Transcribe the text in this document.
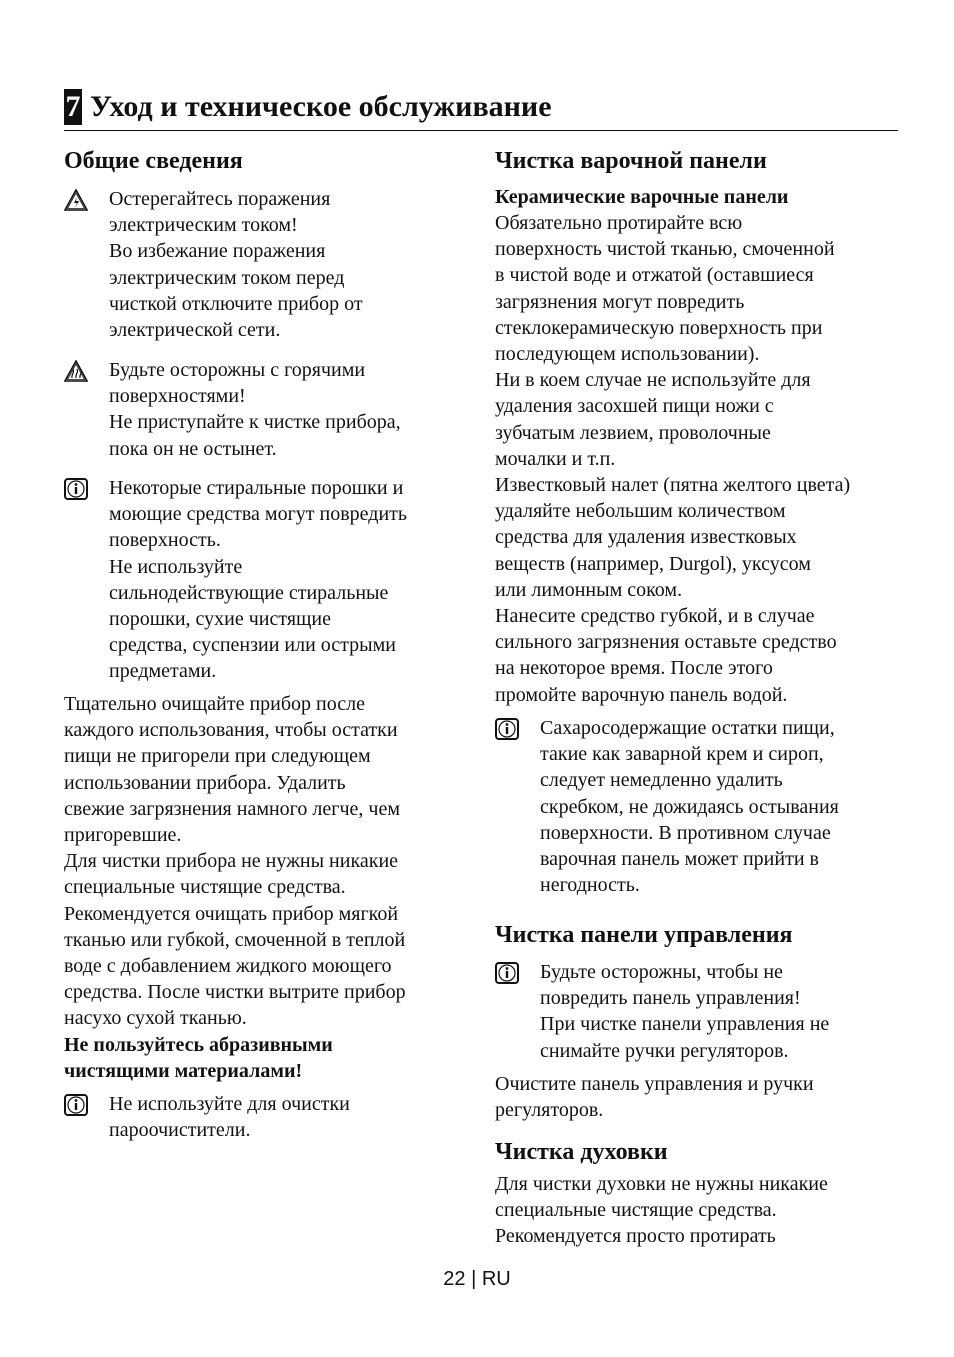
7 Уход и техническое обслуживание
Общие сведения
Остерегайтесь поражения
электрическим током!
Во избежание поражения
электрическим током перед
чисткой отключите прибор от
электрической сети.
Будьте осторожны с горячими
поверхностями!
Не приступайте к чистке прибора,
пока он не остынет.
Некоторые стиральные порошки и
моющие средства могут повредить
поверхность.
Не используйте
сильнодействующие стиральные
порошки, сухие чистящие
средства, суспензии или острыми
предметами.
Тщательно очищайте прибор после
каждого использования, чтобы остатки
пищи не пригорели при следующем
использовании прибора. Удалить
свежие загрязнения намного легче, чем
пригоревшие.
Для чистки прибора не нужны никакие
специальные чистящие средства.
Рекомендуется очищать прибор мягкой
тканью или губкой, смоченной в теплой
воде с добавлением жидкого моющего
средства. После чистки вытрите прибор
насухо сухой тканью.
Не пользуйтесь абразивными
чистящими материалами!
Не используйте для очистки
пароочистители.
Чистка варочной панели
Керамические варочные панели
Обязательно протирайте всю
поверхность чистой тканью, смоченной
в чистой воде и отжатой (оставшиеся
загрязнения могут повредить
стеклокерамическую поверхность при
последующем использовании).
Ни в коем случае не используйте для
удаления засохшей пищи ножи с
зубчатым лезвием, проволочные
мочалки и т.п.
Известковый налет (пятна желтого цвета)
удаляйте небольшим количеством
средства для удаления известковых
веществ (например, Durgol), уксусом
или лимонным соком.
Нанесите средство губкой, и в случае
сильного загрязнения оставьте средство
на некоторое время. После этого
промойте варочную панель водой.
Сахаросодержащие остатки пищи,
такие как заварной крем и сироп,
следует немедленно удалить
скребком, не дожидаясь остывания
поверхности. В противном случае
варочная панель может прийти в
негодность.
Чистка панели управления
Будьте осторожны, чтобы не
повредить панель управления!
При чистке панели управления не
снимайте ручки регуляторов.
Очистите панель управления и ручки
регуляторов.
Чистка духовки
Для чистки духовки не нужны никакие
специальные чистящие средства.
Рекомендуется просто протирать
22 | RU
